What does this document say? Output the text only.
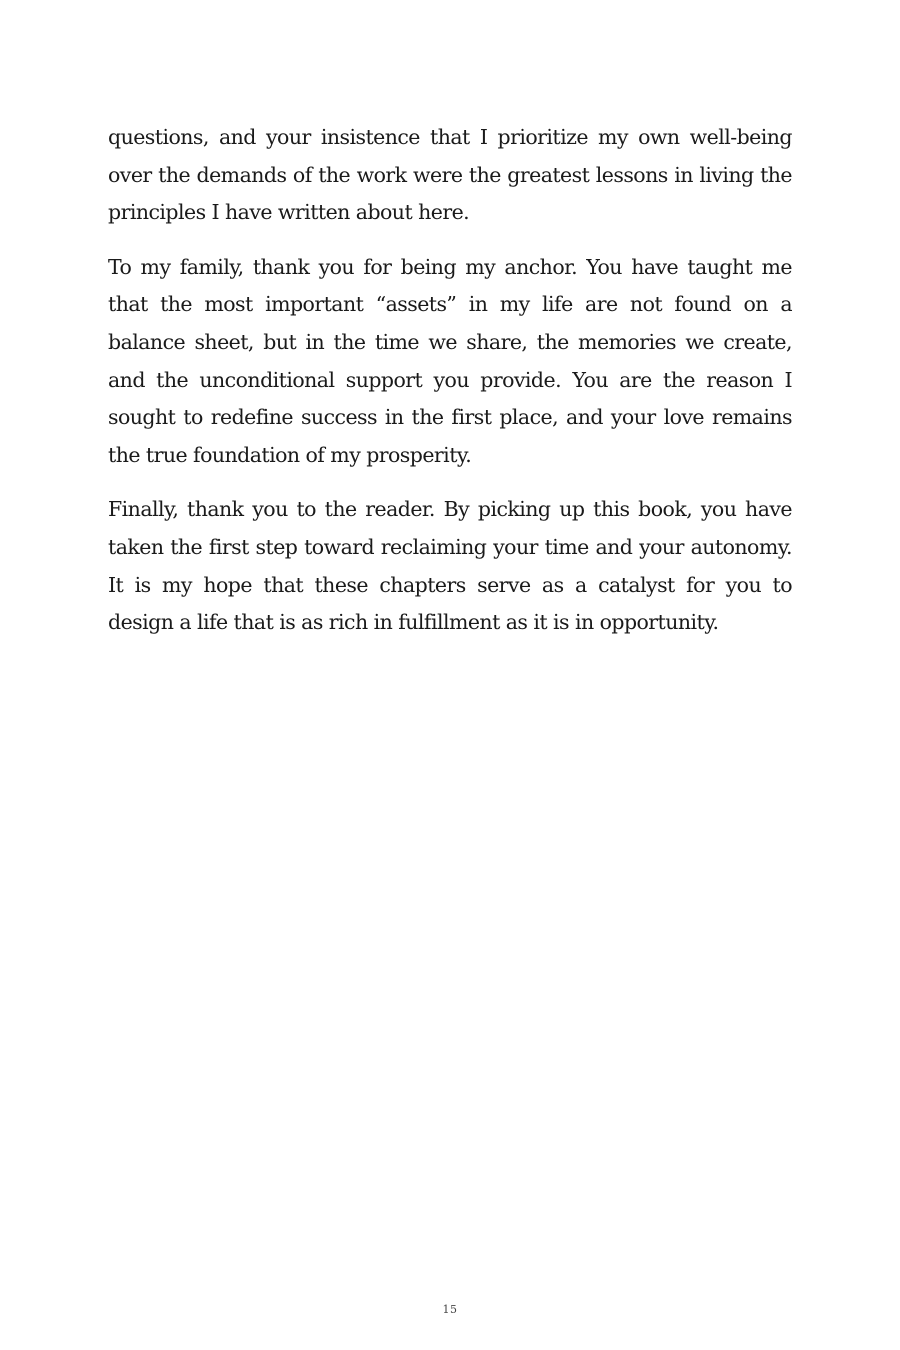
questions, and your insistence that I prioritize my own well-being over the demands of the work were the greatest lessons in living the principles I have written about here.

To my family, thank you for being my anchor. You have taught me that the most important “assets” in my life are not found on a balance sheet, but in the time we share, the memories we create, and the unconditional support you provide. You are the reason I sought to redefine success in the first place, and your love remains the true foundation of my prosperity.

Finally, thank you to the reader. By picking up this book, you have taken the first step toward reclaiming your time and your autonomy. It is my hope that these chapters serve as a catalyst for you to design a life that is as rich in fulfillment as it is in opportunity.

15
